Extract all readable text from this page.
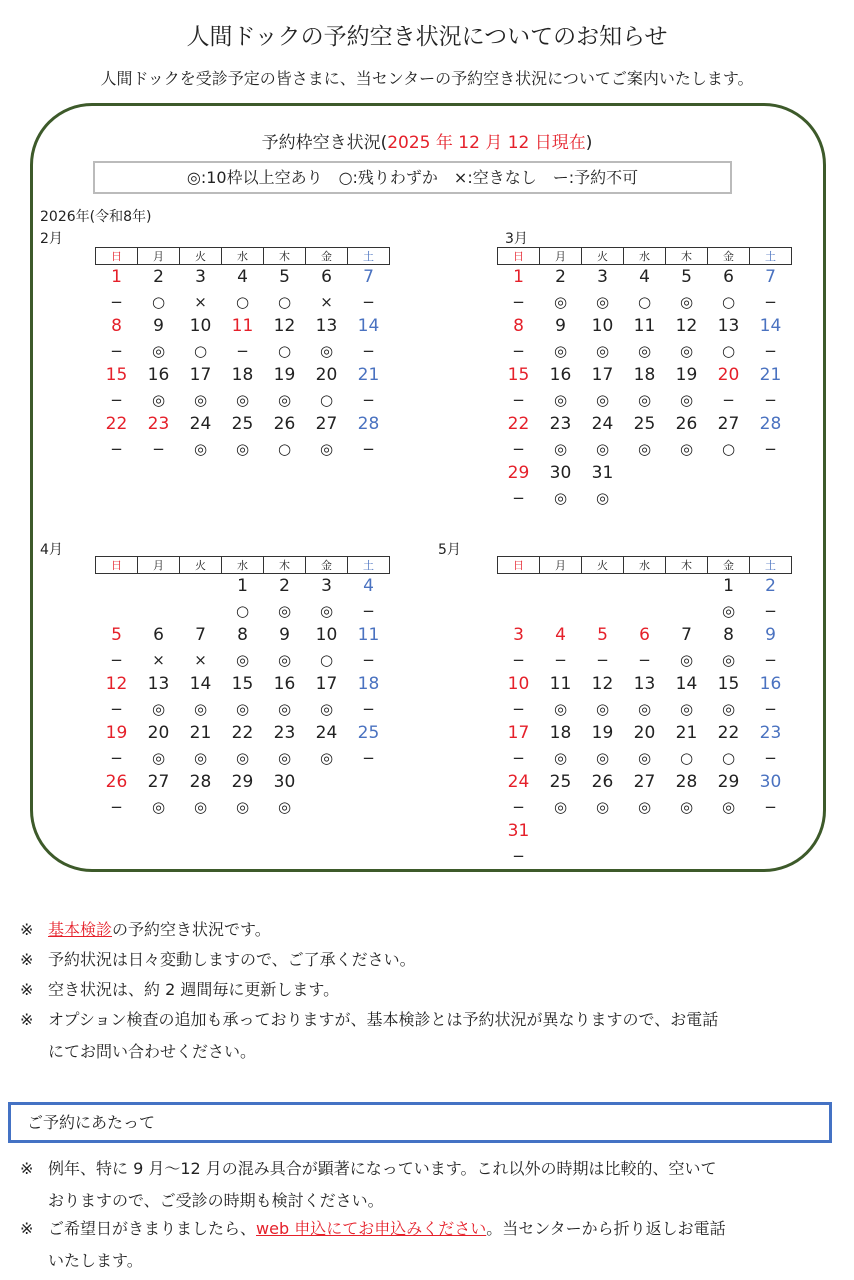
人間ドックの予約空き状況についてのお知らせ
人間ドックを受診予定の皆さまに、当センターの予約空き状況についてご案内いたします。
予約枠空き状況(2025 年 12 月 12 日現在)
◎:10枠以上空あり　○:残りわずか　×:空きなし　ー:予約不可
2026年(令和8年)
2月	3月
4月	5月
日	月	火	水	木	金	土
1	2	3	4	5	6	7
−	○	×	○	○	×	−
8	9	10	11	12	13	14
−	◎	○	−	○	◎	−
15	16	17	18	19	20	21
−	◎	◎	◎	◎	○	−
22	23	24	25	26	27	28
−	−	◎	◎	○	◎	−
日	月	火	水	木	金	土
1	2	3	4	5	6	7
−	◎	◎	○	◎	○	−
8	9	10	11	12	13	14
−	◎	◎	◎	◎	○	−
15	16	17	18	19	20	21
−	◎	◎	◎	◎	−	−
22	23	24	25	26	27	28
−	◎	◎	◎	◎	○	−
29	30	31				
−	◎	◎				
日	月	火	水	木	金	土
			1	2	3	4
			○	◎	◎	−
5	6	7	8	9	10	11
−	×	×	◎	◎	○	−
12	13	14	15	16	17	18
−	◎	◎	◎	◎	◎	−
19	20	21	22	23	24	25
−	◎	◎	◎	◎	◎	−
26	27	28	29	30		
−	◎	◎	◎	◎		
日	月	火	水	木	金	土
					1	2
					◎	−
3	4	5	6	7	8	9
−	−	−	−	◎	◎	−
10	11	12	13	14	15	16
−	◎	◎	◎	◎	◎	−
17	18	19	20	21	22	23
−	◎	◎	◎	○	○	−
24	25	26	27	28	29	30
−	◎	◎	◎	◎	◎	−
31						
−						
※ 基本検診の予約空き状況です。
※ 予約状況は日々変動しますので、ご了承ください。
※ 空き状況は、約 2 週間毎に更新します。
※ オプション検査の追加も承っておりますが、基本検診とは予約状況が異なりますので、お電話
にてお問い合わせください。
ご予約にあたって
※ 例年、特に 9 月～12 月の混み具合が顕著になっています。これ以外の時期は比較的、空いて
おりますので、ご受診の時期も検討ください。
※ ご希望日がきまりましたら、web 申込にてお申込みください。当センターから折り返しお電話
いたします。
